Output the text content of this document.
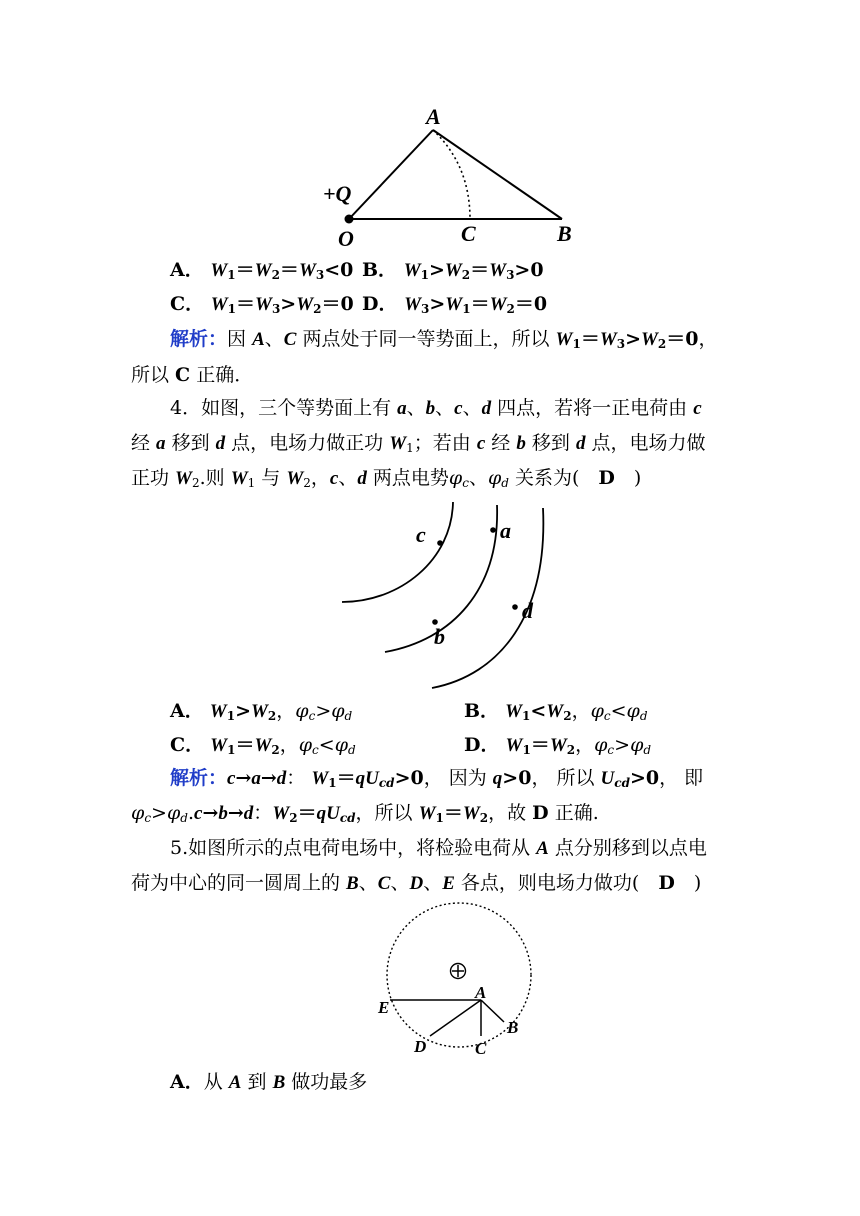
A
+Q
O	C	B
A． $W_1=W_2=W_3<0$ B． $W_1>W_2=W_3>0$
C． $W_1=W_3>W_2=0$ D． $W_3>W_1=W_2=0$
解析：因 A、C 两点处于同一等势面上，所以 $W_1=W_3>W_2=0$，
所以 C 正确．
4．如图，三个等势面上有 a、b、c、d 四点，若将一正电荷由 c
经 a 移到 d 点，电场力做正功 $W_1$；若由 c 经 b 移到 d 点，电场力做
正功 $W_2$.则 $W_1$ 与 $W_2$，c、d 两点电势$\varphi_c$、$\varphi_d$ 关系为(　D　)
c	a
d
b
A． $W_1>W_2$，$\varphi_c>\varphi_d$	B． $W_1<W_2$，$\varphi_c<\varphi_d$
C． $W_1=W_2$，$\varphi_c<\varphi_d$	D． $W_1=W_2$，$\varphi_c>\varphi_d$
解析：c→a→d： $W_1=qU_{cd}>0$， 因为 q>0， 所以 $U_{cd}>0$， 即
$\varphi_c>\varphi_d.c\to b\to d$：$W_2=qU_{cd}$，所以 $W_1=W_2$，故 D 正确.
5.如图所示的点电荷电场中，将检验电荷从 A 点分别移到以点电
荷为中心的同一圆周上的 B、C、D、E 各点，则电场力做功(　D　)
A
E
B
D	C
A．从 A 到 B 做功最多
